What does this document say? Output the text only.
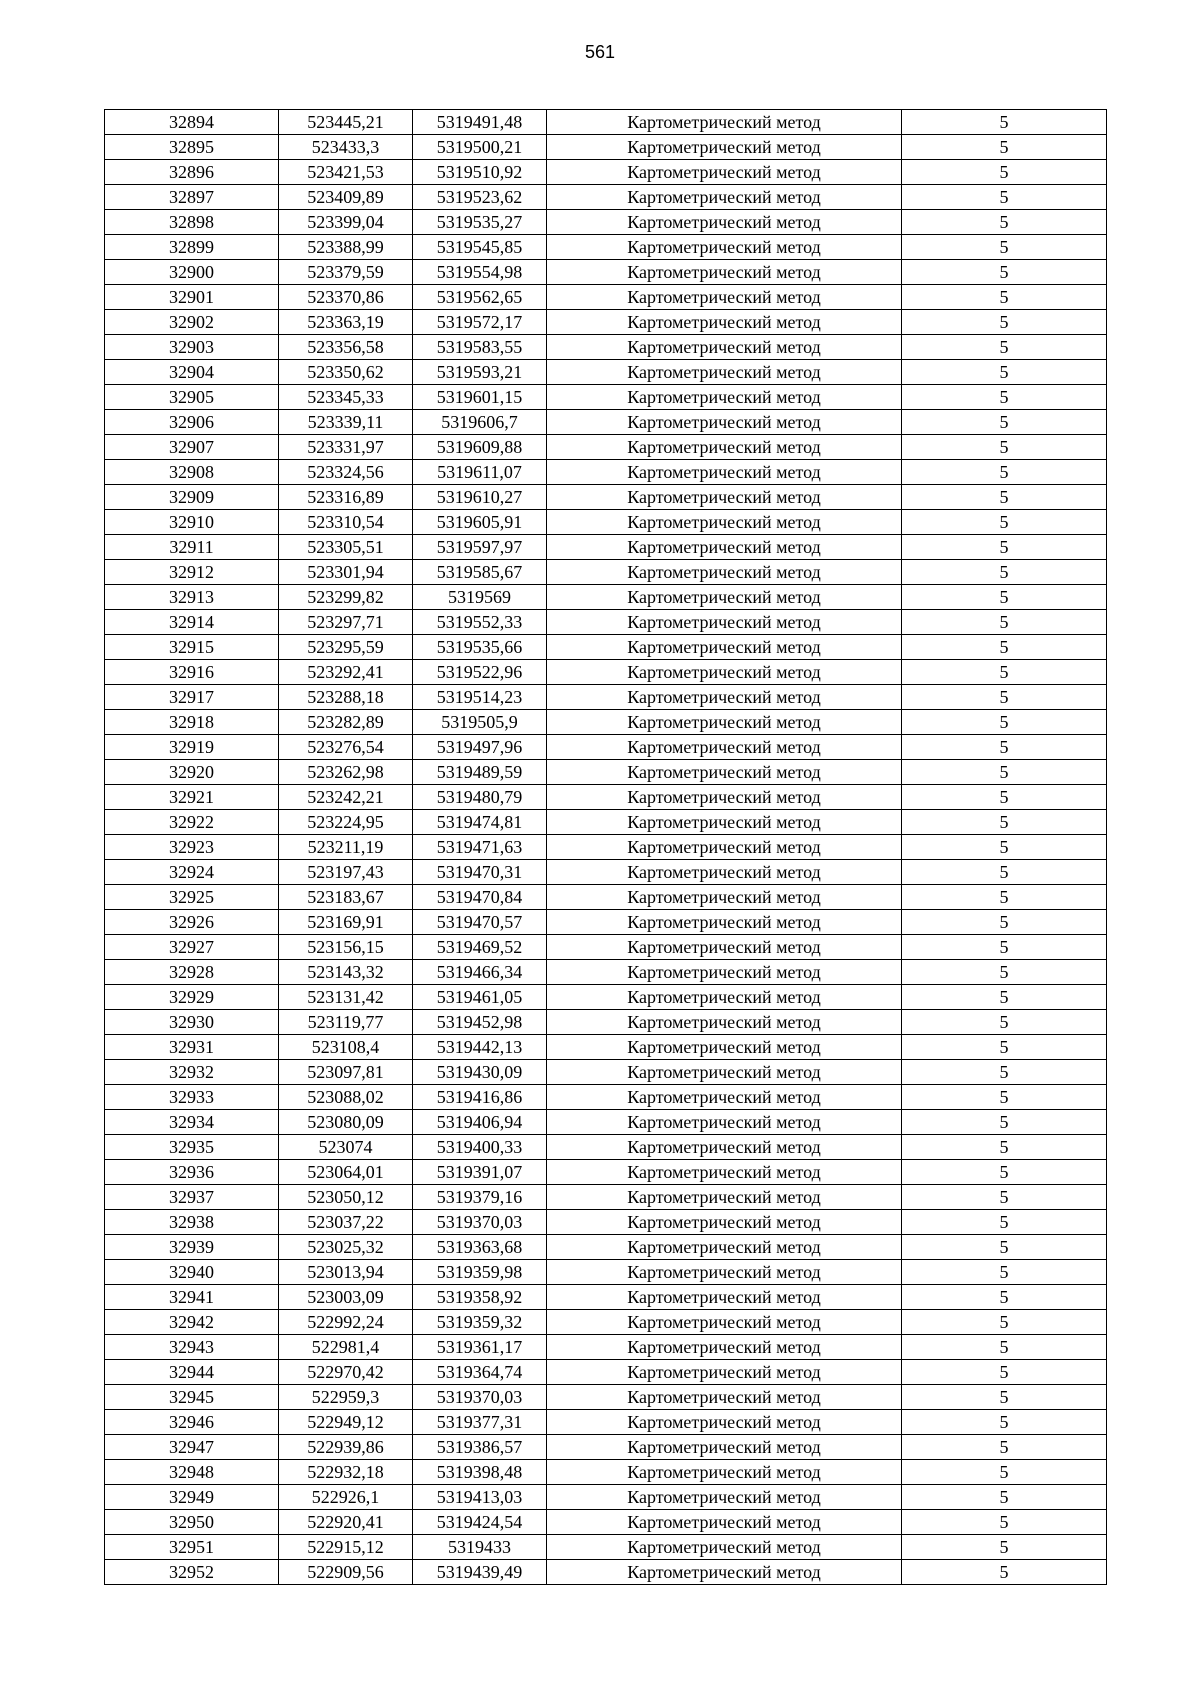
561
32894	523445,21	5319491,48	Картометрический метод	5
32895	523433,3	5319500,21	Картометрический метод	5
32896	523421,53	5319510,92	Картометрический метод	5
32897	523409,89	5319523,62	Картометрический метод	5
32898	523399,04	5319535,27	Картометрический метод	5
32899	523388,99	5319545,85	Картометрический метод	5
32900	523379,59	5319554,98	Картометрический метод	5
32901	523370,86	5319562,65	Картометрический метод	5
32902	523363,19	5319572,17	Картометрический метод	5
32903	523356,58	5319583,55	Картометрический метод	5
32904	523350,62	5319593,21	Картометрический метод	5
32905	523345,33	5319601,15	Картометрический метод	5
32906	523339,11	5319606,7	Картометрический метод	5
32907	523331,97	5319609,88	Картометрический метод	5
32908	523324,56	5319611,07	Картометрический метод	5
32909	523316,89	5319610,27	Картометрический метод	5
32910	523310,54	5319605,91	Картометрический метод	5
32911	523305,51	5319597,97	Картометрический метод	5
32912	523301,94	5319585,67	Картометрический метод	5
32913	523299,82	5319569	Картометрический метод	5
32914	523297,71	5319552,33	Картометрический метод	5
32915	523295,59	5319535,66	Картометрический метод	5
32916	523292,41	5319522,96	Картометрический метод	5
32917	523288,18	5319514,23	Картометрический метод	5
32918	523282,89	5319505,9	Картометрический метод	5
32919	523276,54	5319497,96	Картометрический метод	5
32920	523262,98	5319489,59	Картометрический метод	5
32921	523242,21	5319480,79	Картометрический метод	5
32922	523224,95	5319474,81	Картометрический метод	5
32923	523211,19	5319471,63	Картометрический метод	5
32924	523197,43	5319470,31	Картометрический метод	5
32925	523183,67	5319470,84	Картометрический метод	5
32926	523169,91	5319470,57	Картометрический метод	5
32927	523156,15	5319469,52	Картометрический метод	5
32928	523143,32	5319466,34	Картометрический метод	5
32929	523131,42	5319461,05	Картометрический метод	5
32930	523119,77	5319452,98	Картометрический метод	5
32931	523108,4	5319442,13	Картометрический метод	5
32932	523097,81	5319430,09	Картометрический метод	5
32933	523088,02	5319416,86	Картометрический метод	5
32934	523080,09	5319406,94	Картометрический метод	5
32935	523074	5319400,33	Картометрический метод	5
32936	523064,01	5319391,07	Картометрический метод	5
32937	523050,12	5319379,16	Картометрический метод	5
32938	523037,22	5319370,03	Картометрический метод	5
32939	523025,32	5319363,68	Картометрический метод	5
32940	523013,94	5319359,98	Картометрический метод	5
32941	523003,09	5319358,92	Картометрический метод	5
32942	522992,24	5319359,32	Картометрический метод	5
32943	522981,4	5319361,17	Картометрический метод	5
32944	522970,42	5319364,74	Картометрический метод	5
32945	522959,3	5319370,03	Картометрический метод	5
32946	522949,12	5319377,31	Картометрический метод	5
32947	522939,86	5319386,57	Картометрический метод	5
32948	522932,18	5319398,48	Картометрический метод	5
32949	522926,1	5319413,03	Картометрический метод	5
32950	522920,41	5319424,54	Картометрический метод	5
32951	522915,12	5319433	Картометрический метод	5
32952	522909,56	5319439,49	Картометрический метод	5
